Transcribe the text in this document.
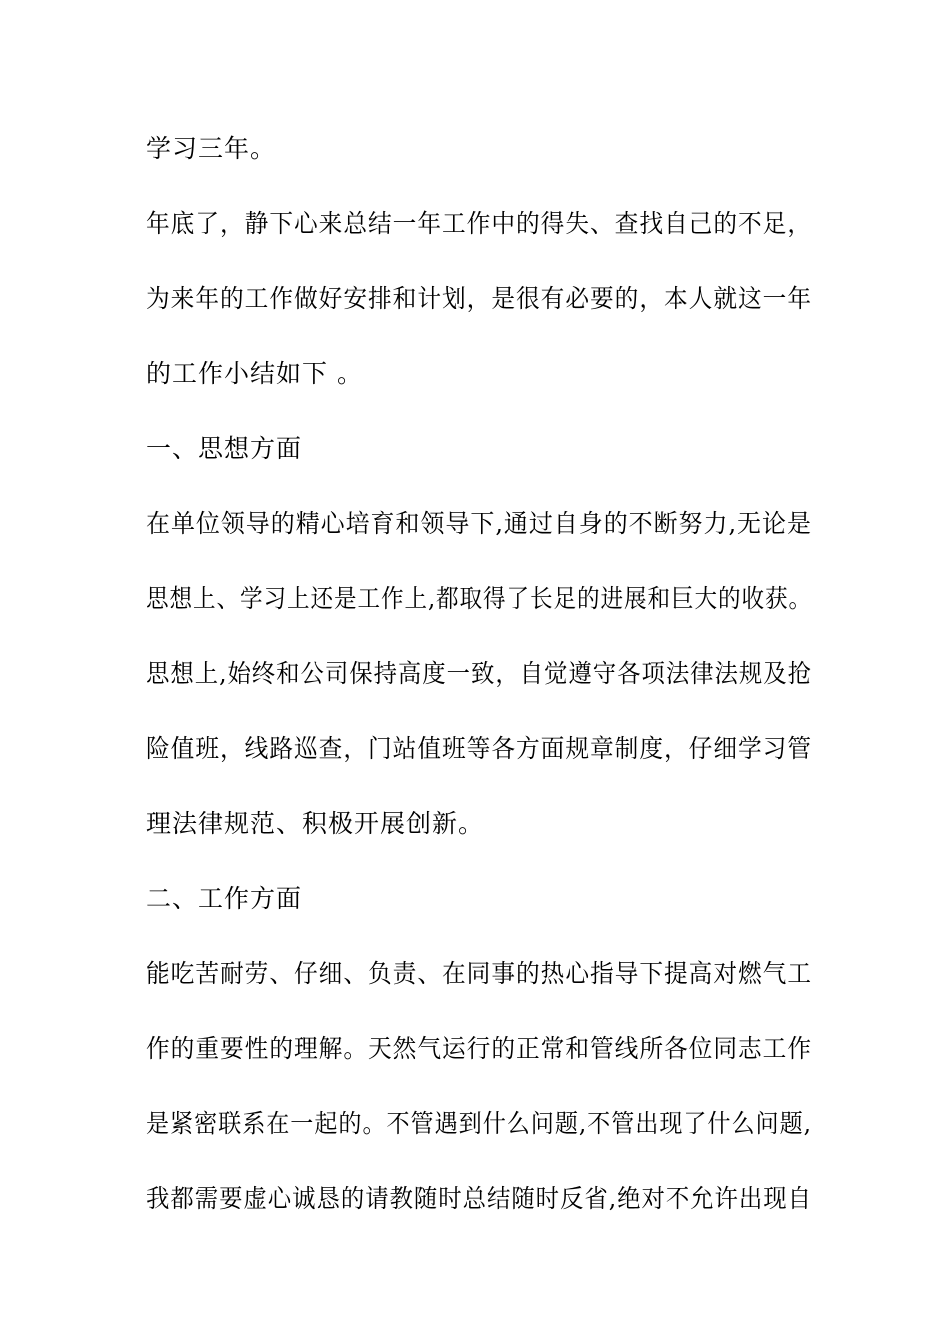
学习三年。
年底了，静下心来总结一年工作中的得失、查找自己的不足，
为来年的工作做好安排和计划，是很有必要的，本人就这一年
的工作小结如下 。
一、思想方面
在单位领导的精心培育和领导下,通过自身的不断努力,无论是
思想上、学习上还是工作上,都取得了长足的进展和巨大的收获。
思想上,始终和公司保持高度一致，自觉遵守各项法律法规及抢
险值班，线路巡查，门站值班等各方面规章制度，仔细学习管
理法律规范、积极开展创新。
二、工作方面
能吃苦耐劳、仔细、负责、在同事的热心指导下提高对燃气工
作的重要性的理解。天然气运行的正常和管线所各位同志工作
是紧密联系在一起的。不管遇到什么问题,不管出现了什么问题,
我都需要虚心诚恳的请教随时总结随时反省,绝对不允许出现自
